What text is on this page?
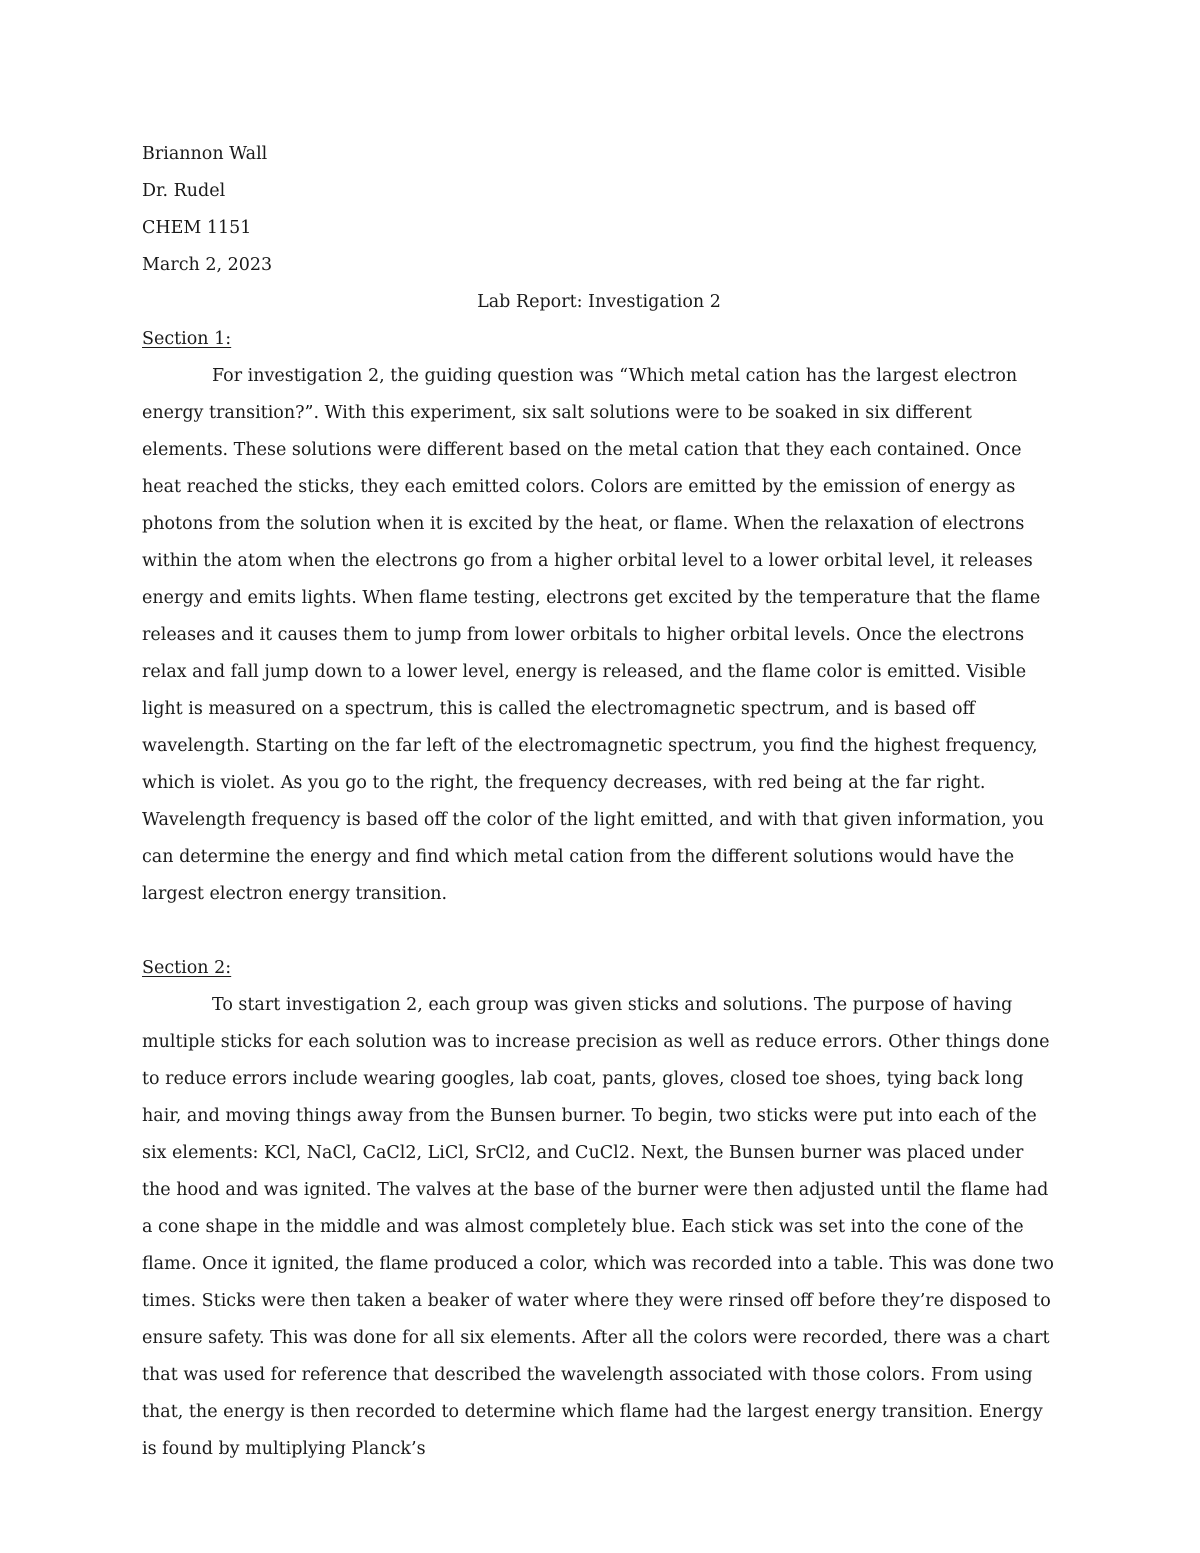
Briannon Wall

Dr. Rudel

CHEM 1151

March 2, 2023

Lab Report: Investigation 2

Section 1:

For investigation 2, the guiding question was “Which metal cation has the largest electron energy transition?”. With this experiment, six salt solutions were to be soaked in six different elements. These solutions were different based on the metal cation that they each contained. Once heat reached the sticks, they each emitted colors. Colors are emitted by the emission of energy as photons from the solution when it is excited by the heat, or flame. When the relaxation of electrons within the atom when the electrons go from a higher orbital level to a lower orbital level, it releases energy and emits lights. When flame testing, electrons get excited by the temperature that the flame releases and it causes them to jump from lower orbitals to higher orbital levels. Once the electrons relax and fall jump down to a lower level, energy is released, and the flame color is emitted. Visible light is measured on a spectrum, this is called the electromagnetic spectrum, and is based off wavelength. Starting on the far left of the electromagnetic spectrum, you find the highest frequency, which is violet. As you go to the right, the frequency decreases, with red being at the far right. Wavelength frequency is based off the color of the light emitted, and with that given information, you can determine the energy and find which metal cation from the different solutions would have the largest electron energy transition.

Section 2:

To start investigation 2, each group was given sticks and solutions. The purpose of having multiple sticks for each solution was to increase precision as well as reduce errors. Other things done to reduce errors include wearing googles, lab coat, pants, gloves, closed toe shoes, tying back long hair, and moving things away from the Bunsen burner. To begin, two sticks were put into each of the six elements: KCl, NaCl, CaCl2, LiCl, SrCl2, and CuCl2. Next, the Bunsen burner was placed under the hood and was ignited. The valves at the base of the burner were then adjusted until the flame had a cone shape in the middle and was almost completely blue. Each stick was set into the cone of the flame. Once it ignited, the flame produced a color, which was recorded into a table. This was done two times. Sticks were then taken a beaker of water where they were rinsed off before they’re disposed to ensure safety. This was done for all six elements. After all the colors were recorded, there was a chart that was used for reference that described the wavelength associated with those colors. From using that, the energy is then recorded to determine which flame had the largest energy transition. Energy is found by multiplying Planck’s
